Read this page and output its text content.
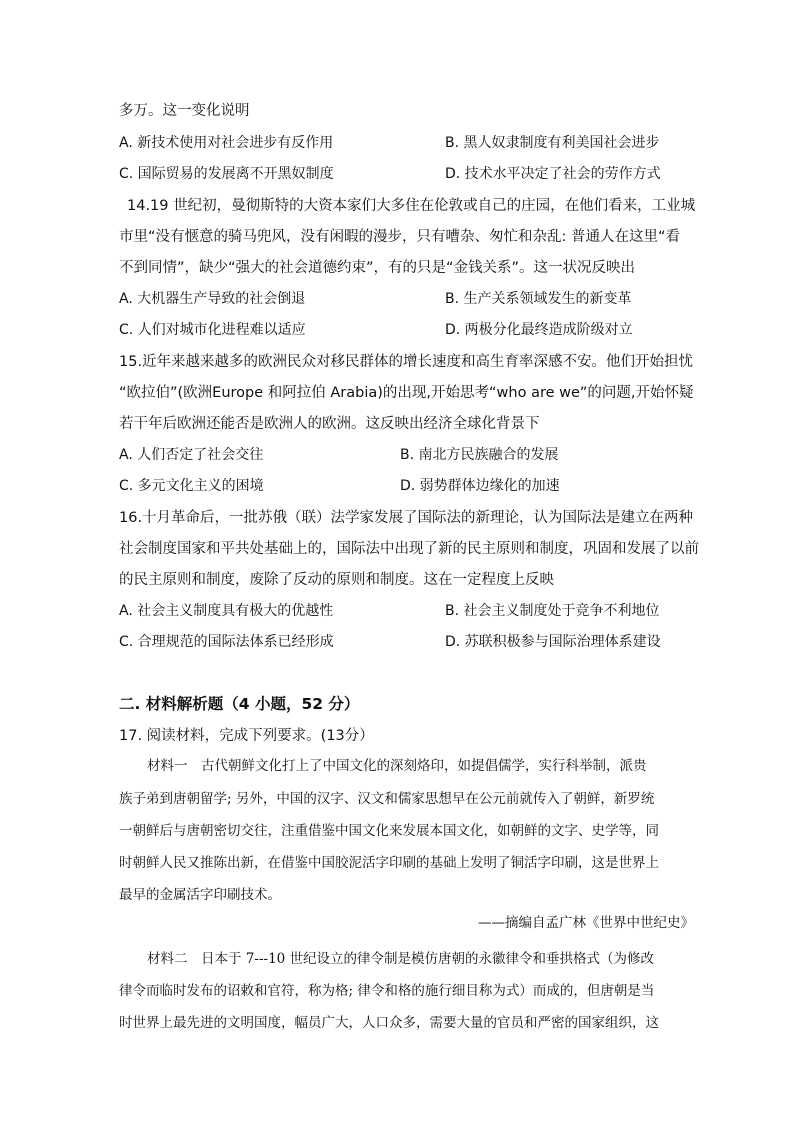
多万。这一变化说明
A. 新技术使用对社会进步有反作用	B. 黑人奴隶制度有利美国社会进步
C. 国际贸易的发展离不开黑奴制度	D. 技术水平决定了社会的劳作方式
14.19 世纪初，曼彻斯特的大资本家们大多住在伦敦或自己的庄园，在他们看来，工业城
市里“没有惬意的骑马兜风，没有闲暇的漫步，只有嘈杂、匆忙和杂乱: 普通人在这里“看
不到同情”，缺少“强大的社会道德约束”，有的只是“金钱关系”。这一状况反映出
A. 大机器生产导致的社会倒退	B. 生产关系领域发生的新变革
C. 人们对城市化进程难以适应	D. 两极分化最终造成阶级对立
15.近年来越来越多的欧洲民众对移民群体的增长速度和高生育率深感不安。他们开始担忧
“欧拉伯”(欧洲Europe 和阿拉伯 Arabia)的出现,开始思考“who are we”的问题,开始怀疑
若干年后欧洲还能否是欧洲人的欧洲。这反映出经济全球化背景下
A. 人们否定了社会交往	B. 南北方民族融合的发展
C. 多元文化主义的困境	D. 弱势群体边缘化的加速
16.十月革命后，一批苏俄（联）法学家发展了国际法的新理论，认为国际法是建立在两种
社会制度国家和平共处基础上的，国际法中出现了新的民主原则和制度，巩固和发展了以前
的民主原则和制度，废除了反动的原则和制度。这在一定程度上反映
A. 社会主义制度具有极大的优越性	B. 社会主义制度处于竞争不利地位
C. 合理规范的国际法体系已经形成	D. 苏联积极参与国际治理体系建设
二. 材料解析题（4 小题，52 分）
17. 阅读材料，完成下列要求。(13分）
材料一　古代朝鲜文化打上了中国文化的深刻烙印，如提倡儒学，实行科举制，派贵
族子弟到唐朝留学; 另外，中国的汉字、汉文和儒家思想早在公元前就传入了朝鲜，新罗统
一朝鲜后与唐朝密切交往，注重借鉴中国文化来发展本国文化，如朝鲜的文字、史学等，同
时朝鲜人民又推陈出新，在借鉴中国胶泥活字印刷的基础上发明了铜活字印刷，这是世界上
最早的金属活字印刷技术。
——摘编自孟广林《世界中世纪史》
材料二　日本于 7---10 世纪设立的律令制是模仿唐朝的永徽律令和垂拱格式（为修改
律令而临时发布的诏敕和官符，称为格; 律令和格的施行细目称为式）而成的，但唐朝是当
时世界上最先进的文明国度，幅员广大，人口众多，需要大量的官员和严密的国家组织，这
